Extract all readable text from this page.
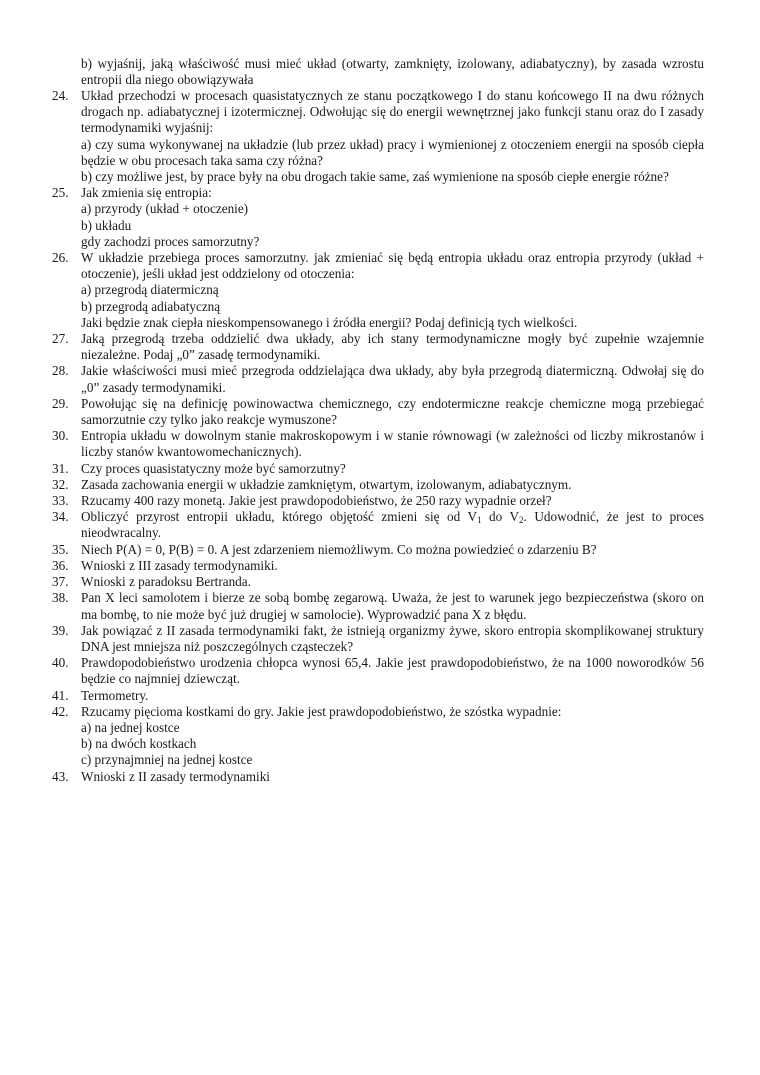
b) wyjaśnij, jaką właściwość musi mieć układ (otwarty, zamknięty, izolowany, adiabatyczny), by zasada wzrostu entropii dla niego obowiązywała
24. Układ przechodzi w procesach quasistatycznych ze stanu początkowego I do stanu końcowego II na dwu różnych drogach np. adiabatycznej i izotermicznej. Odwołując się do energii wewnętrznej jako funkcji stanu oraz do I zasady termodynamiki wyjaśnij:

a) czy suma wykonywanej na układzie (lub przez układ) pracy i wymienionej z otoczeniem energii na sposób ciepła będzie w obu procesach taka sama czy różna?

b) czy możliwe jest, by prace były na obu drogach takie same, zaś wymienione na sposób ciepłe energie różne?

25. Jak zmienia się entropia:

a) przyrody (układ + otoczenie)

b) układu

gdy zachodzi proces samorzutny?

26. W układzie przebiega proces samorzutny. jak zmieniać się będą entropia układu oraz entropia przyrody (układ + otoczenie), jeśli układ jest oddzielony od otoczenia:

a) przegrodą diatermiczną

b) przegrodą adiabatyczną

Jaki będzie znak ciepła nieskompensowanego i źródła energii? Podaj definicją tych wielkości.

27. Jaką przegrodą trzeba oddzielić dwa układy, aby ich stany termodynamiczne mogły być zupełnie wzajemnie niezależne. Podaj „0” zasadę termodynamiki.

28. Jakie właściwości musi mieć przegroda oddzielająca dwa układy, aby była przegrodą diatermiczną. Odwołaj się do „0” zasady termodynamiki.

29. Powołując się na definicję powinowactwa chemicznego, czy endotermiczne reakcje chemiczne mogą przebiegać samorzutnie czy tylko jako reakcje wymuszone?

30. Entropia układu w dowolnym stanie makroskopowym i w stanie równowagi (w zależności od liczby mikrostanów i liczby stanów kwantowomechanicznych).

31. Czy proces quasistatyczny może być samorzutny?

32. Zasada zachowania energii w układzie zamkniętym, otwartym, izolowanym, adiabatycznym.

33. Rzucamy 400 razy monetą. Jakie jest prawdopodobieństwo, że 250 razy wypadnie orzeł?

34. Obliczyć przyrost entropii układu, którego objętość zmieni się od $V_1$ do $V_2$. Udowodnić, że jest to proces nieodwracalny.

35. Niech P(A) = 0, P(B) = 0. A jest zdarzeniem niemożliwym. Co można powiedzieć o zdarzeniu B?

36. Wnioski z III zasady termodynamiki.

37. Wnioski z paradoksu Bertranda.

38. Pan X leci samolotem i bierze ze sobą bombę zegarową. Uważa, że jest to warunek jego bezpieczeństwa (skoro on ma bombę, to nie może być już drugiej w samolocie). Wyprowadzić pana X z błędu.

39. Jak powiązać z II zasada termodynamiki fakt, że istnieją organizmy żywe, skoro entropia skomplikowanej struktury DNA jest mniejsza niż poszczególnych cząsteczek?

40. Prawdopodobieństwo urodzenia chłopca wynosi 65,4. Jakie jest prawdopodobieństwo, że na 1000 noworodków 56 będzie co najmniej dziewcząt.

41. Termometry.

42. Rzucamy pięcioma kostkami do gry. Jakie jest prawdopodobieństwo, że szóstka wypadnie:

a) na jednej kostce

b) na dwóch kostkach

c) przynajmniej na jednej kostce

43. Wnioski z II zasady termodynamiki
